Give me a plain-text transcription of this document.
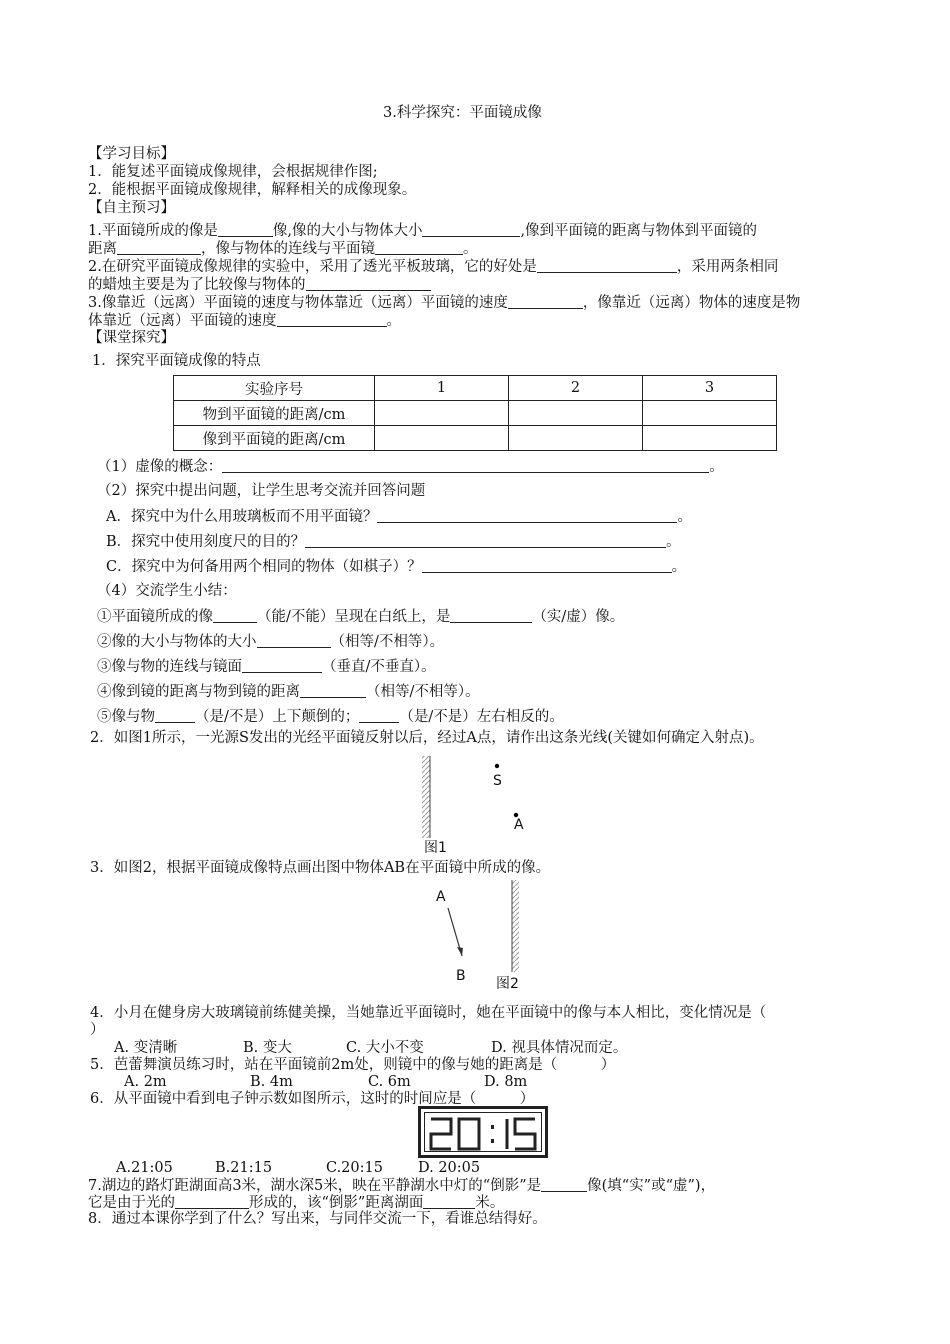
3.科学探究：平面镜成像
【学习目标】
1．能复述平面镜成像规律，会根据规律作图;
2．能根据平面镜成像规律，解释相关的成像现象。
【自主预习】
1.平面镜所成的像是	像,像的大小与物体大小	,像到平面镜的距离与物体到平面镜的
距离	，像与物体的连线与平面镜	。
2.在研究平面镜成像规律的实验中，采用了透光平板玻璃，它的好处是	，采用两条相同
的蜡烛主要是为了比较像与物体的
3.像靠近（远离）平面镜的速度与物体靠近（远离）平面镜的速度	，像靠近（远离）物体的速度是物
体靠近（远离）平面镜的速度	。
【课堂探究】
1．探究平面镜成像的特点
实验序号	1	2	3
物到平面镜的距离/cm			
像到平面镜的距离/cm			
（1）虚像的概念：	。
（2）探究中提出问题，让学生思考交流并回答问题
A．探究中为什么用玻璃板而不用平面镜？	。
B．探究中使用刻度尺的目的？	。
C．探究中为何备用两个相同的物体（如棋子）？	。
（4）交流学生小结：
①平面镜所成的像	（能/不能）呈现在白纸上，是	（实/虚）像。
②像的大小与物体的大小	（相等/不相等）。
③像与物的连线与镜面	（垂直/不垂直）。
④像到镜的距离与物到镜的距离	（相等/不相等）。
⑤像与物	（是/不是）上下颠倒的；	（是/不是）左右相反的。
2．如图1所示，一光源S发出的光经平面镜反射以后，经过A点，请作出这条光线(关键如何确定入射点)。
S
A
图1
3．如图2，根据平面镜成像特点画出图中物体AB在平面镜中所成的像。
A
B 图2
4．小月在健身房大玻璃镜前练健美操，当她靠近平面镜时，她在平面镜中的像与本人相比，变化情况是（
）
A. 变清晰	B. 变大	C. 大小不变	D. 视具体情况而定。
5．芭蕾舞演员练习时，站在平面镜前2m处，则镜中的像与她的距离是（　　　）
A. 2m	B. 4m	C. 6m	D. 8m
6．从平面镜中看到电子钟示数如图所示，这时的时间应是（　　　）
A.21:05	B.21:15	C.20:15 D. 20:05
7.湖边的路灯距湖面高3米，湖水深5米，映在平静湖水中灯的“倒影”是	像(填“实”或“虚”)，
它是由于光的	形成的，该“倒影”距离湖面	米。
8．通过本课你学到了什么？写出来，与同伴交流一下，看谁总结得好。
